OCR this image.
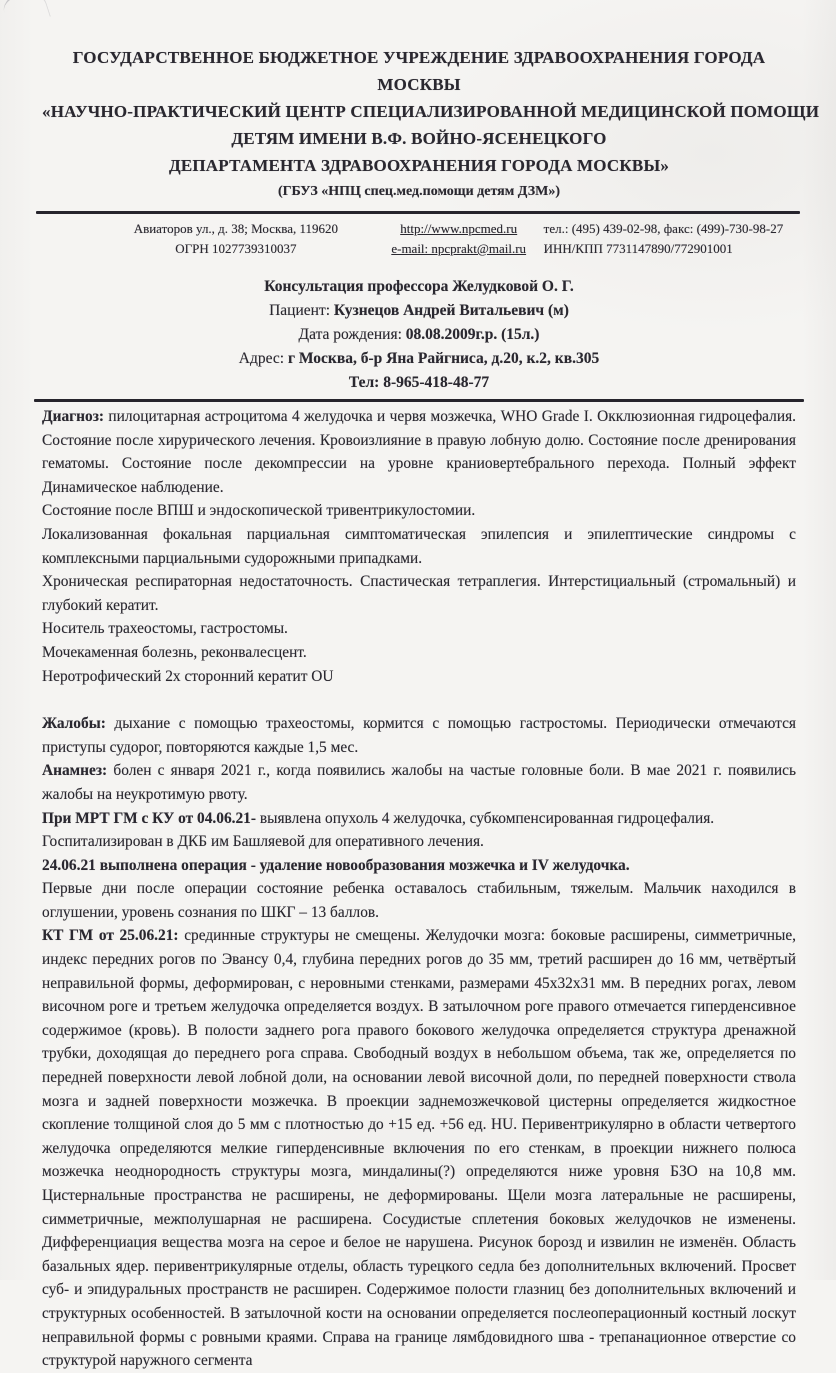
ГОСУДАРСТВЕННОЕ БЮДЖЕТНОЕ УЧРЕЖДЕНИЕ ЗДРАВООХРАНЕНИЯ ГОРОДА
МОСКВЫ
«НАУЧНО-ПРАКТИЧЕСКИЙ ЦЕНТР СПЕЦИАЛИЗИРОВАННОЙ МЕДИЦИНСКОЙ ПОМОЩИ
ДЕТЯМ ИМЕНИ В.Ф. ВОЙНО-ЯСЕНЕЦКОГО
ДЕПАРТАМЕНТА ЗДРАВООХРАНЕНИЯ ГОРОДА МОСКВЫ»
(ГБУЗ «НПЦ спец.мед.помощи детям ДЗМ»)
Авиаторов ул., д. 38; Москва, 119620
ОГРН 1027739310037
http://www.npcmed.ru
e-mail: npcprakt@mail.ru
тел.: (495) 439-02-98, факс: (499)-730-98-27
ИНН/КПП 7731147890/772901001
Консультация профессора Желудковой О. Г.
Пациент: Кузнецов Андрей Витальевич (м)
Дата рождения: 08.08.2009г.р. (15л.)
Адрес: г Москва, б-р Яна Райгниса, д.20, к.2, кв.305
Тел: 8-965-418-48-77

Диагноз: пилоцитарная астроцитома 4 желудочка и червя мозжечка, WHO Grade I. Окклюзионная гидроцефалия. Состояние после хирурического лечения. Кровоизлияние в правую лобную долю. Состояние после дренирования гематомы. Состояние после декомпрессии на уровне краниовертебрального перехода. Полный эффект Динамическое наблюдение.

Состояние после ВПШ и эндоскопической тривентрикулостомии.

Локализованная фокальная парциальная симптоматическая эпилепсия и эпилептические синдромы с комплексными парциальными судорожными припадками.

Хроническая респираторная недостаточность. Спастическая тетраплегия. Интерстициальный (стромальный) и глубокий кератит.

Носитель трахеостомы, гастростомы.

Мочекаменная болезнь, реконвалесцент.

Неротрофический 2х сторонний кератит OU

Жалобы: дыхание с помощью трахеостомы, кормится с помощью гастростомы. Периодически отмечаются приступы судорог, повторяются каждые 1,5 мес.

Анамнез: болен с января 2021 г., когда появились жалобы на частые головные боли. В мае 2021 г. появились жалобы на неукротимую рвоту.

При МРТ ГМ с КУ от 04.06.21- выявлена опухоль 4 желудочка, субкомпенсированная гидроцефалия.

Госпитализирован в ДКБ им Башляевой для оперативного лечения.

24.06.21 выполнена операция - удаление новообразования мозжечка и IV желудочка.

Первые дни после операции состояние ребенка оставалось стабильным, тяжелым. Мальчик находился в оглушении, уровень сознания по ШКГ – 13 баллов.

КТ ГМ от 25.06.21: срединные структуры не смещены. Желудочки мозга: боковые расширены, симметричные, индекс передних рогов по Эвансу 0,4, глубина передних рогов до 35 мм, третий расширен до 16 мм, четвёртый неправильной формы, деформирован, с неровными стенками, размерами 45х32х31 мм. В передних рогах, левом височном роге и третьем желудочка определяется воздух. В затылочном роге правого отмечается гиперденсивное содержимое (кровь). В полости заднего рога правого бокового желудочка определяется структура дренажной трубки, доходящая до переднего рога справа. Свободный воздух в небольшом объема, так же, определяется по передней поверхности левой лобной доли, на основании левой височной доли, по передней поверхности ствола мозга и задней поверхности мозжечка. В проекции заднемозжечковой цистерны определяется жидкостное скопление толщиной слоя до 5 мм с плотностью до +15 ед. +56 ед. HU. Перивентрикулярно в области четвертого желудочка определяются мелкие гиперденсивные включения по его стенкам, в проекции нижнего полюса мозжечка неоднородность структуры мозга, миндалины(?) определяются ниже уровня БЗО на 10,8 мм. Цистернальные пространства не расширены, не деформированы. Щели мозга латеральные не расширены, симметричные, межполушарная не расширена. Сосудистые сплетения боковых желудочков не изменены. Дифференциация вещества мозга на серое и белое не нарушена. Рисунок борозд и извилин не изменён. Область базальных ядер. перивентрикулярные отделы, область турецкого седла без дополнительных включений. Просвет суб- и эпидуральных пространств не расширен. Содержимое полости глазниц без дополнительных включений и структурных особенностей. В затылочной кости на основании определяется послеоперационный костный лоскут неправильной формы с ровными краями. Справа на границе лямбдовидного шва - трепанационное отверстие со структурой наружного сегмента
